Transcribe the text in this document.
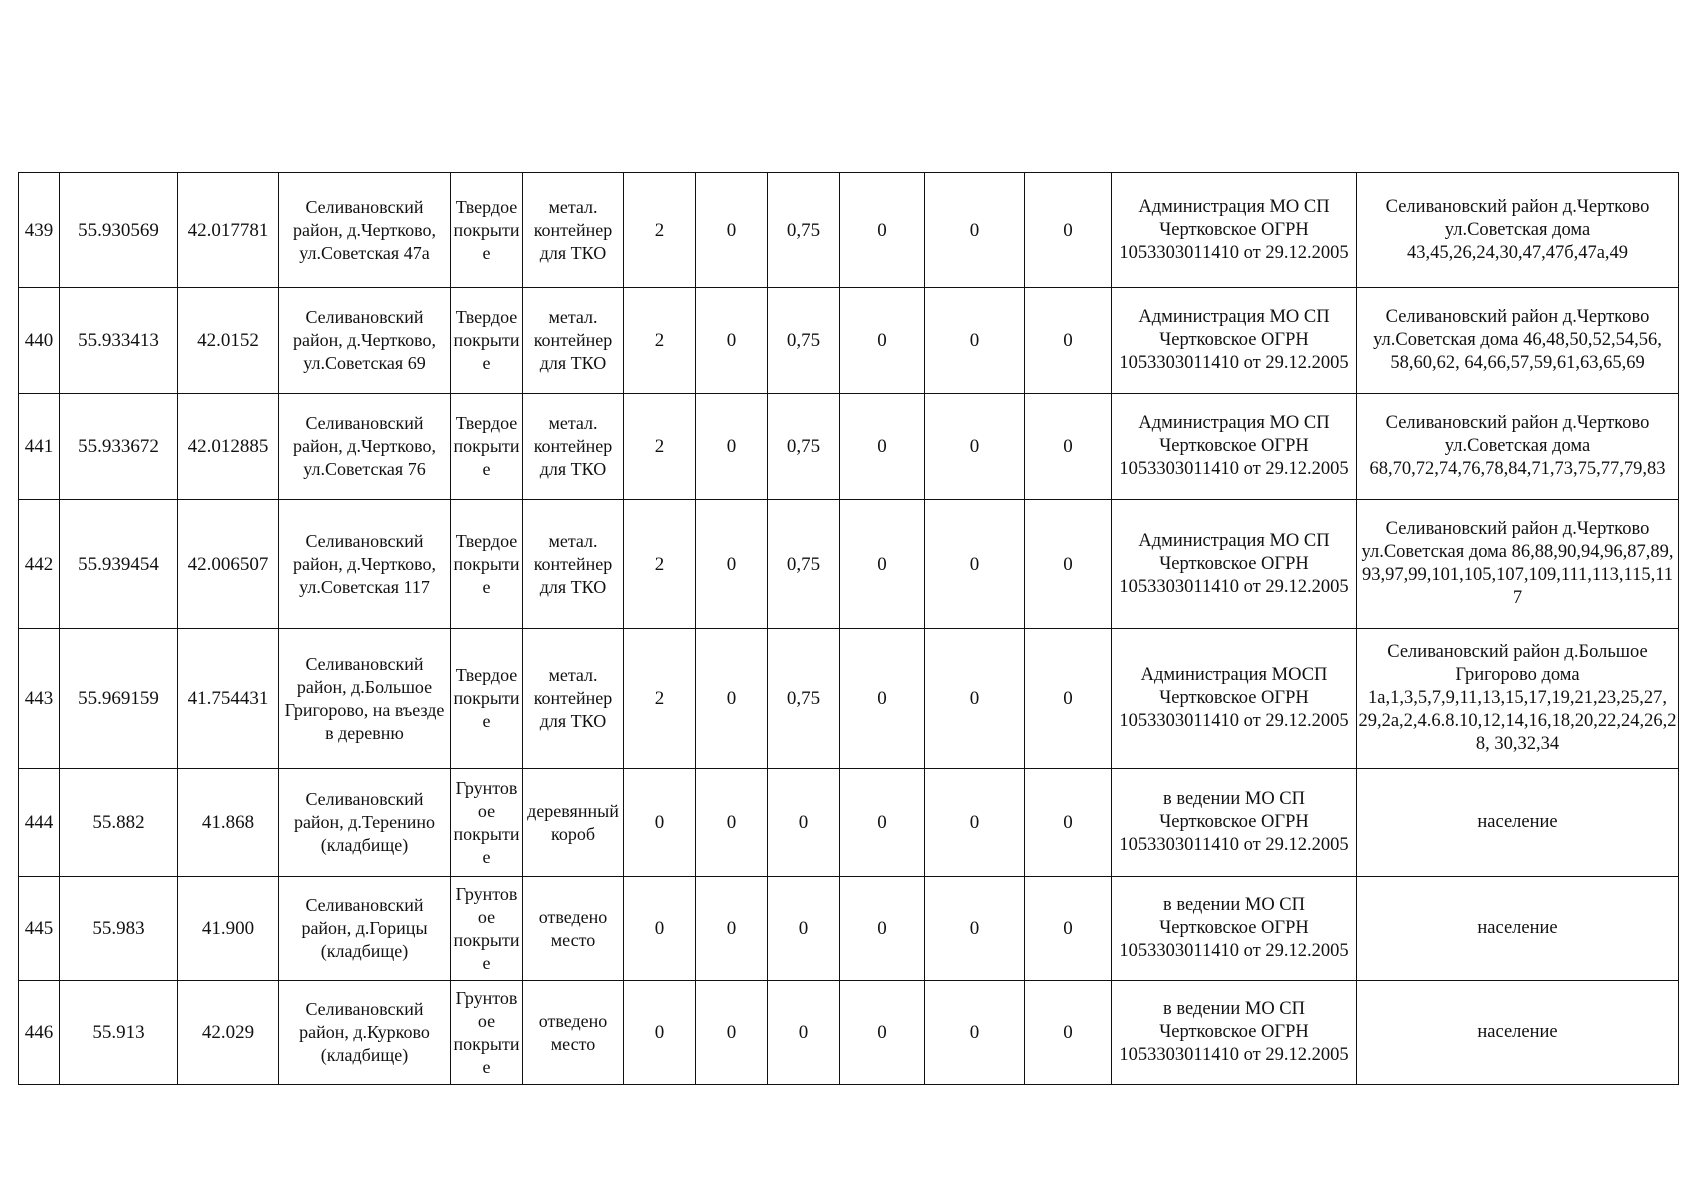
439	55.930569	42.017781	Селивановский район, д.Чертково, ул.Советская 47а	Твердое покрытие	метал. контейнер для ТКО	2	0	0,75	0	0	0	Администрация МО СП Чертковское ОГРН 1053303011410 от 29.12.2005	Селивановский район д.Чертково ул.Советская дома 43,45,26,24,30,47,47б,47а,49
440	55.933413	42.0152	Селивановский район, д.Чертково, ул.Советская 69	Твердое покрытие	метал. контейнер для ТКО	2	0	0,75	0	0	0	Администрация МО СП Чертковское ОГРН 1053303011410 от 29.12.2005	Селивановский район д.Чертково ул.Советская дома 46,48,50,52,54,56, 58,60,62, 64,66,57,59,61,63,65,69
441	55.933672	42.012885	Селивановский район, д.Чертково, ул.Советская 76	Твердое покрытие	метал. контейнер для ТКО	2	0	0,75	0	0	0	Администрация МО СП Чертковское ОГРН 1053303011410 от 29.12.2005	Селивановский район д.Чертково ул.Советская дома 68,70,72,74,76,78,84,71,73,75,77,79,83
442	55.939454	42.006507	Селивановский район, д.Чертково, ул.Советская 117	Твердое покрытие	метал. контейнер для ТКО	2	0	0,75	0	0	0	Администрация МО СП Чертковское ОГРН 1053303011410 от 29.12.2005	Селивановский район д.Чертково ул.Советская дома 86,88,90,94,96,87,89, 93,97,99,101,105,107,109,111,113,115,117
443	55.969159	41.754431	Селивановский район, д.Большое Григорово, на въезде в деревню	Твердое покрытие	метал. контейнер для ТКО	2	0	0,75	0	0	0	Администрация МОСП Чертковское ОГРН 1053303011410 от 29.12.2005	Селивановский район д.Большое Григорово дома 1а,1,3,5,7,9,11,13,15,17,19,21,23,25,27, 29,2а,2,4.6.8.10,12,14,16,18,20,22,24,26,28, 30,32,34
444	55.882	41.868	Селивановский район, д.Теренино (кладбище)	Грунтовое покрытие	деревянный короб	0	0	0	0	0	0	в ведении МО СП Чертковское ОГРН 1053303011410 от 29.12.2005	население
445	55.983	41.900	Селивановский район, д.Горицы (кладбище)	Грунтовое покрытие	отведено место	0	0	0	0	0	0	в ведении МО СП Чертковское ОГРН 1053303011410 от 29.12.2005	население
446	55.913	42.029	Селивановский район, д.Курково (кладбище)	Грунтовое покрытие	отведено место	0	0	0	0	0	0	в ведении МО СП Чертковское ОГРН 1053303011410 от 29.12.2005	население
